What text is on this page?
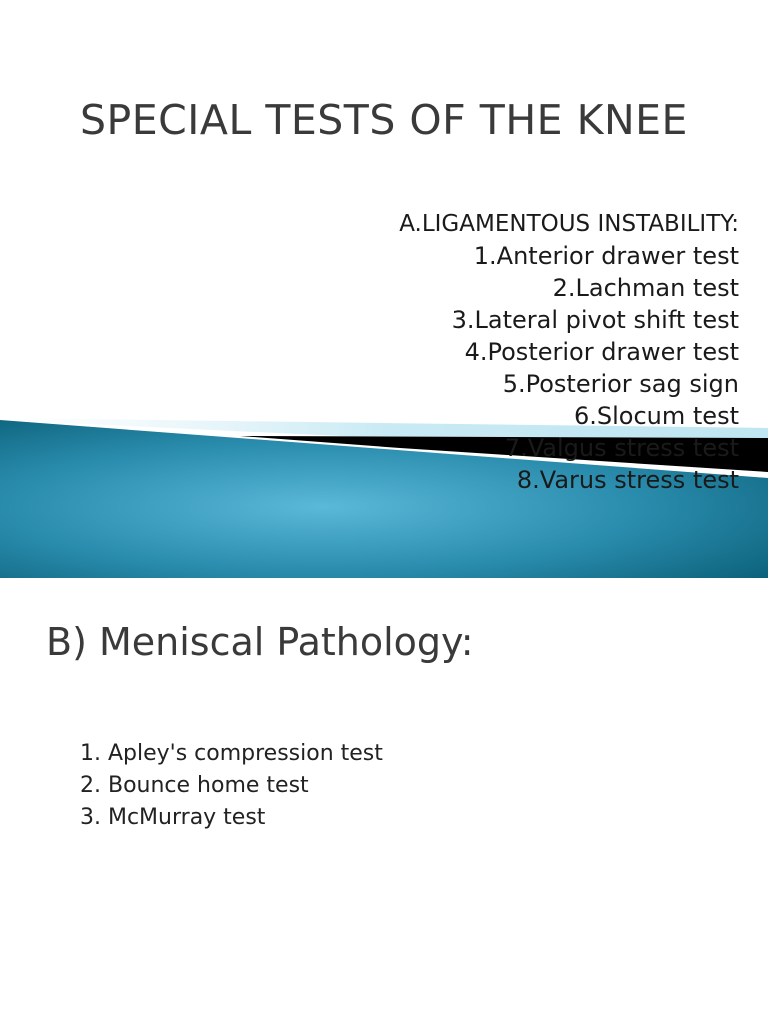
SPECIAL TESTS OF THE KNEE
A.LIGAMENTOUS INSTABILITY:
1.Anterior drawer test
2.Lachman test
3.Lateral pivot shift test
4.Posterior drawer test
5.Posterior sag sign
6.Slocum test
7.Valgus stress test
8.Varus stress test
B) Meniscal Pathology:
1. Apley's compression test
2. Bounce home test
3. McMurray test
